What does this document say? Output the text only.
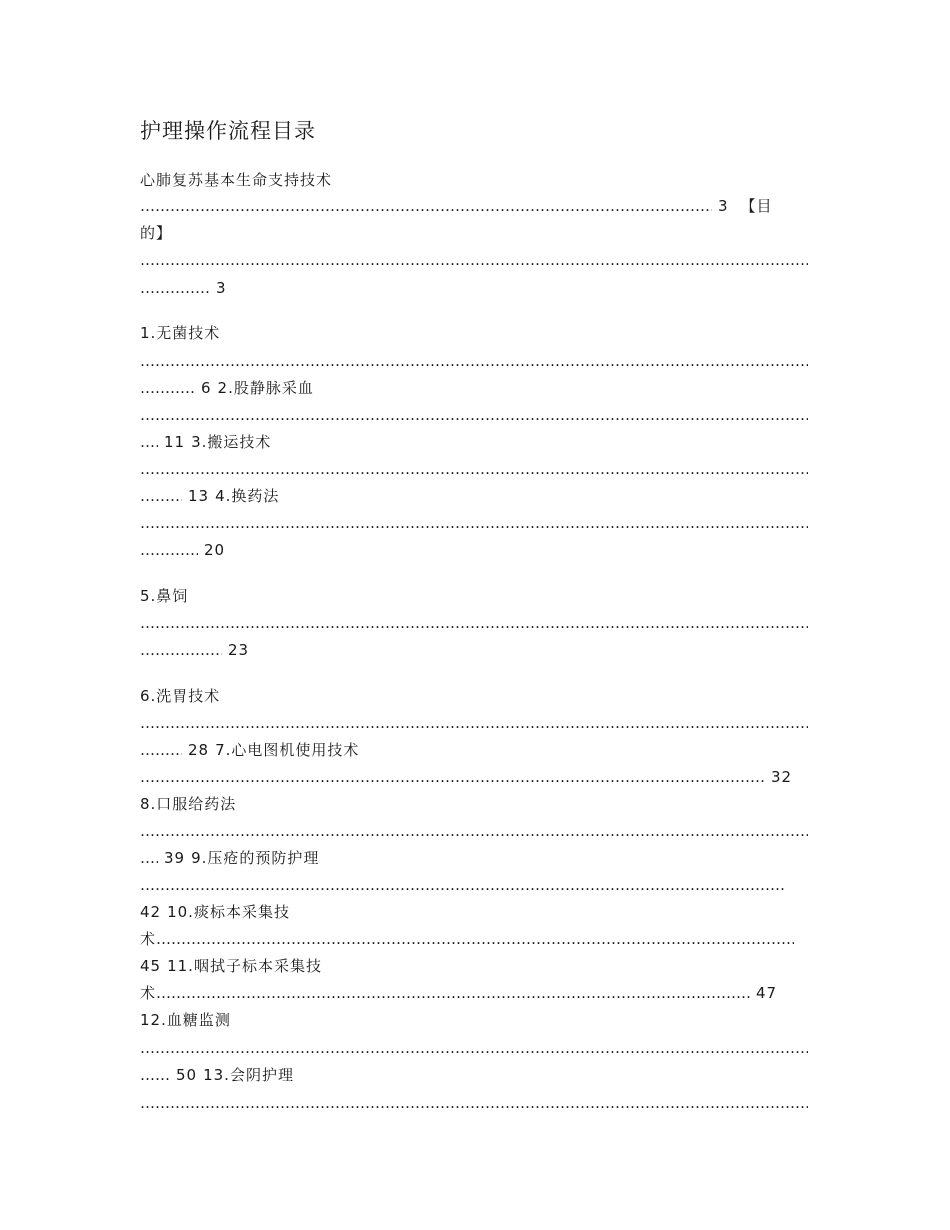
护理操作流程目录
心肺复苏基本生命支持技术
………………………………………………………………………………………………………………………………………………………………………………3 【目
的】
………………………………………………………………………………………………………………………………………………………………………………
………………………………………………………………………………………………………………………………………………………………………………3
1.无菌技术
………………………………………………………………………………………………………………………………………………………………………………
………………………………………………………………………………………………………………………………………………………………………………6 2.股静脉采血
………………………………………………………………………………………………………………………………………………………………………………
………………………………………………………………………………………………………………………………………………………………………………11 3.搬运技术
………………………………………………………………………………………………………………………………………………………………………………
………………………………………………………………………………………………………………………………………………………………………………13 4.换药法
………………………………………………………………………………………………………………………………………………………………………………
………………………………………………………………………………………………………………………………………………………………………………20
5.鼻饲
………………………………………………………………………………………………………………………………………………………………………………
………………………………………………………………………………………………………………………………………………………………………………23
6.洗胃技术
………………………………………………………………………………………………………………………………………………………………………………
………………………………………………………………………………………………………………………………………………………………………………28 7.心电图机使用技术
………………………………………………………………………………………………………………………………………………………………………………32
8.口服给药法
………………………………………………………………………………………………………………………………………………………………………………
………………………………………………………………………………………………………………………………………………………………………………39 9.压疮的预防护理
………………………………………………………………………………………………………………………………………………………………………………
42 10.痰标本采集技
术………………………………………………………………………………………………………………………………………………………………………………
45 11.咽拭子标本采集技
术 ………………………………………………………………………………………………………………………………………………………………………………	47
12.血糖监测
………………………………………………………………………………………………………………………………………………………………………………
………………………………………………………………………………………………………………………………………………………………………………50 13.会阴护理
………………………………………………………………………………………………………………………………………………………………………………
